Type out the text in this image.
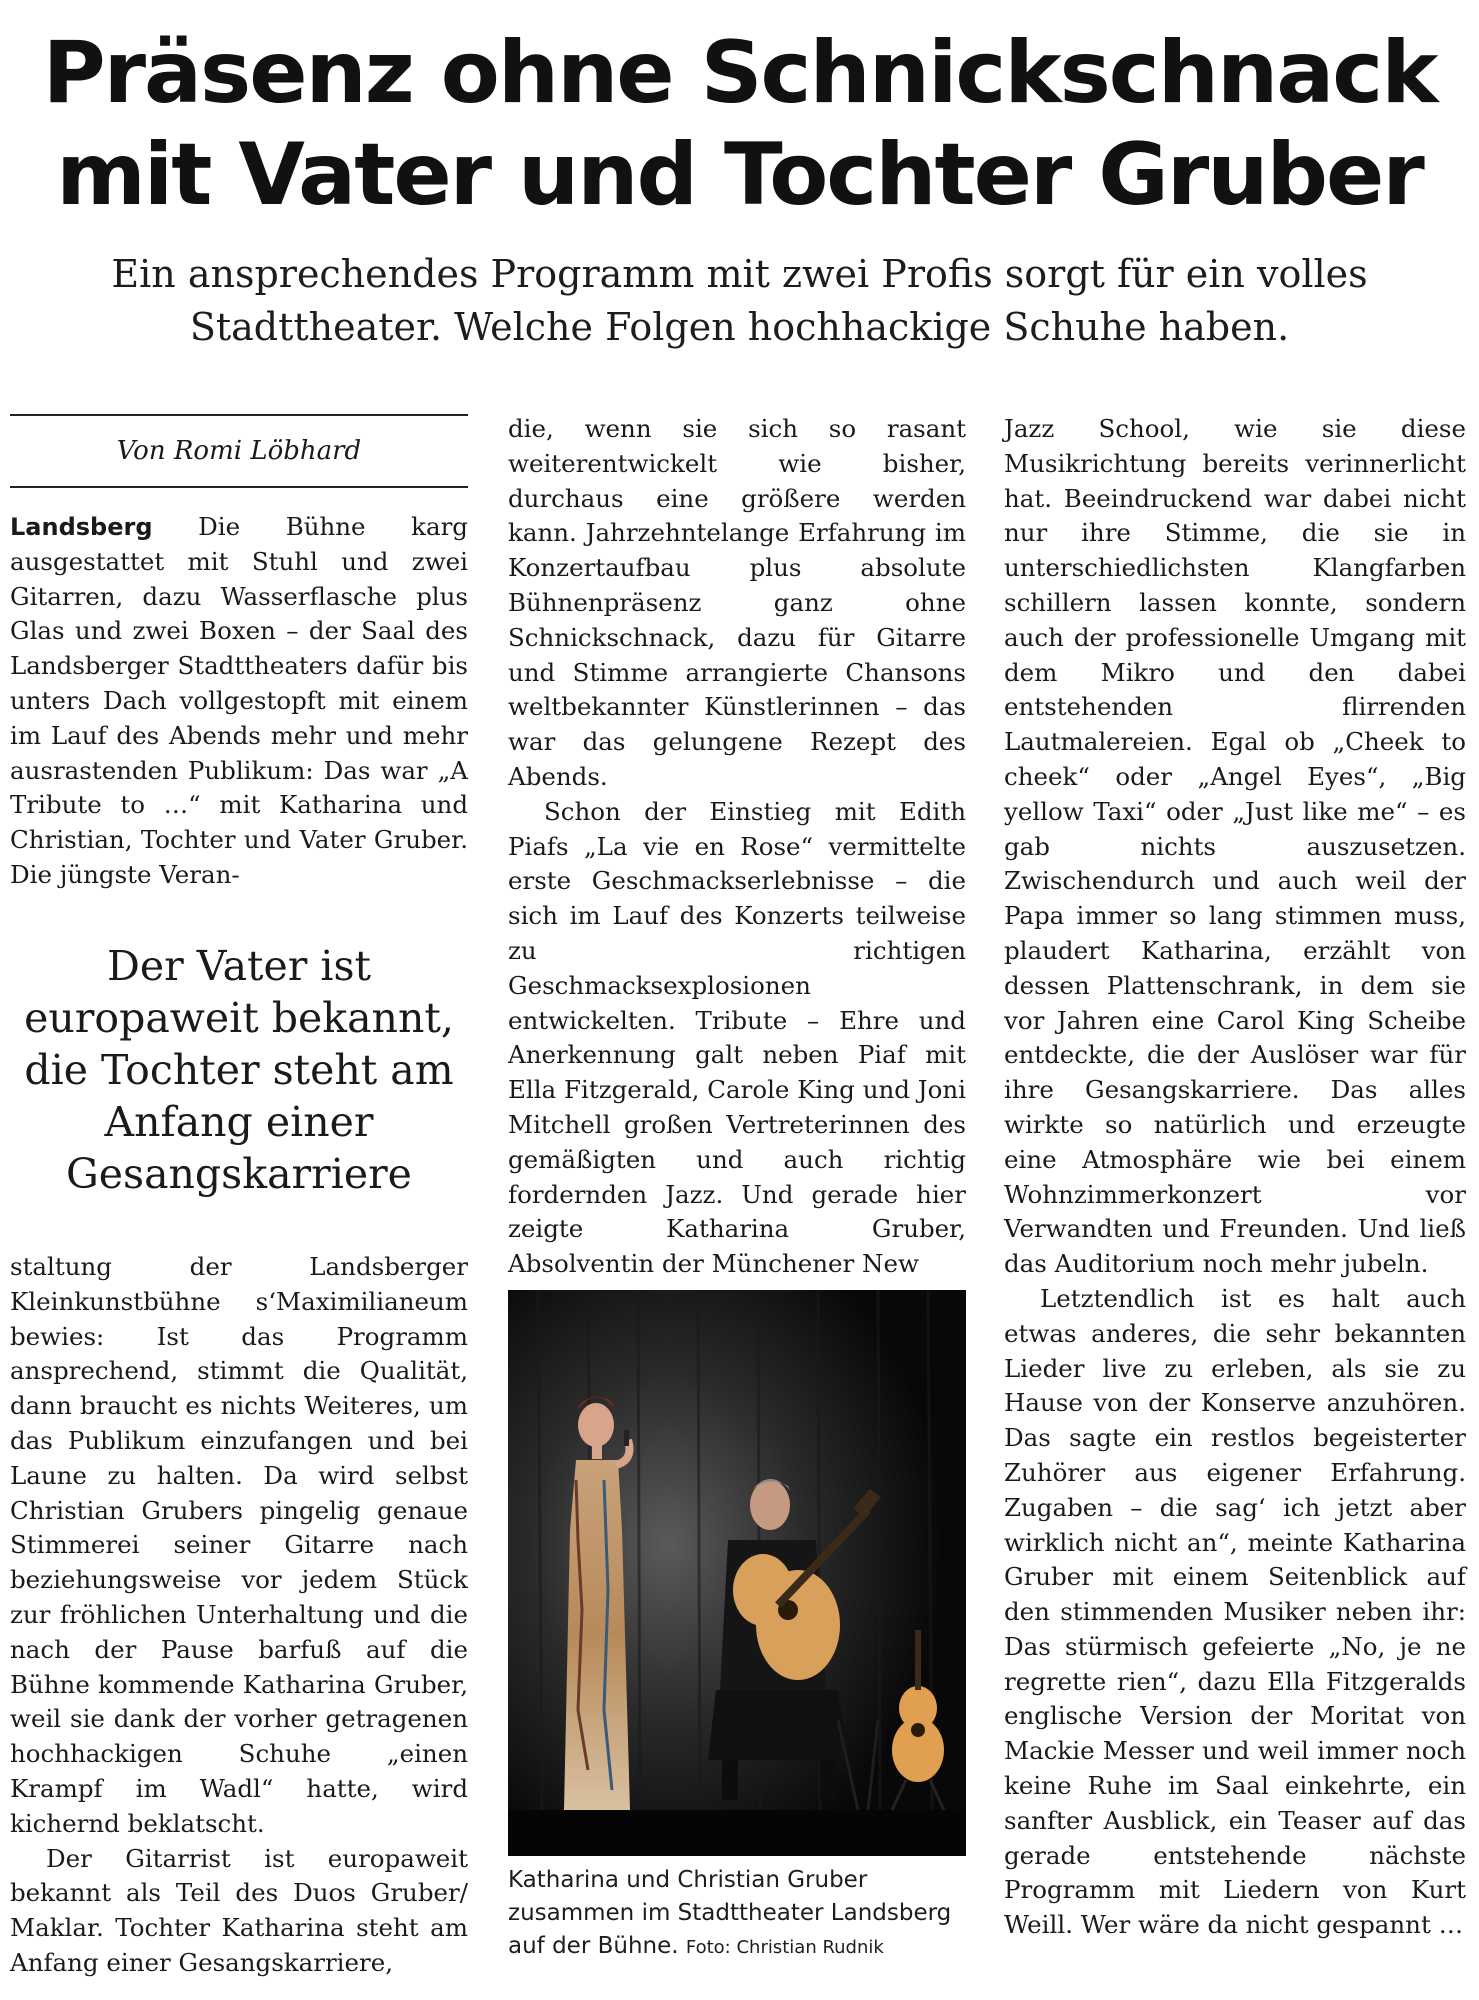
Präsenz ohne Schnickschnack
mit Vater und Tochter Gruber
Ein ansprechendes Programm mit zwei Profis sorgt für ein volles
Stadttheater. Welche Folgen hochhackige Schuhe haben.
Von Romi Löbhard

Landsberg Die Bühne karg ausgestattet mit Stuhl und zwei Gitarren, dazu Wasserflasche plus Glas und zwei Boxen – der Saal des Landsberger Stadttheaters dafür bis unters Dach vollgestopft mit einem im Lauf des Abends mehr und mehr ausrastenden Publikum: Das war „A Tribute to …“ mit Katharina und Christian, Tochter und Vater Gruber. Die jüngste Veran-

Der Vater ist europaweit bekannt, die Tochter steht am Anfang einer Gesangskarriere

staltung der Landsberger Kleinkunstbühne s‘Maximilianeum bewies: Ist das Programm ansprechend, stimmt die Qualität, dann braucht es nichts Weiteres, um das Publikum einzufangen und bei Laune zu halten. Da wird selbst Christian Grubers pingelig genaue Stimmerei seiner Gitarre nach beziehungsweise vor jedem Stück zur fröhlichen Unterhaltung und die nach der Pause barfuß auf die Bühne kommende Katharina Gruber, weil sie dank der vorher getragenen hochhackigen Schuhe „einen Krampf im Wadl“ hatte, wird kichernd beklatscht.

Der Gitarrist ist europaweit bekannt als Teil des Duos Gruber/ Maklar. Tochter Katharina steht am Anfang einer Gesangskarriere,

die, wenn sie sich so rasant weiterentwickelt wie bisher, durchaus eine größere werden kann. Jahrzehntelange Erfahrung im Konzertaufbau plus absolute Bühnenpräsenz ganz ohne Schnickschnack, dazu für Gitarre und Stimme arrangierte Chansons weltbekannter Künstlerinnen – das war das gelungene Rezept des Abends.

Schon der Einstieg mit Edith Piafs „La vie en Rose“ vermittelte erste Geschmackserlebnisse – die sich im Lauf des Konzerts teilweise zu richtigen Geschmacksexplosionen entwickelten. Tribute – Ehre und Anerkennung galt neben Piaf mit Ella Fitzgerald, Carole King und Joni Mitchell großen Vertreterinnen des gemäßigten und auch richtig fordernden Jazz. Und gerade hier zeigte Katharina Gruber, Absolventin der Münchener New

Katharina und Christian Gruber zusammen im Stadttheater Landsberg auf der Bühne. Foto: Christian Rudnik

Jazz School, wie sie diese Musikrichtung bereits verinnerlicht hat. Beeindruckend war dabei nicht nur ihre Stimme, die sie in unterschiedlichsten Klangfarben schillern lassen konnte, sondern auch der professionelle Umgang mit dem Mikro und den dabei entstehenden flirrenden Lautmalereien. Egal ob „Cheek to cheek“ oder „Angel Eyes“, „Big yellow Taxi“ oder „Just like me“ – es gab nichts auszusetzen. Zwischendurch und auch weil der Papa immer so lang stimmen muss, plaudert Katharina, erzählt von dessen Plattenschrank, in dem sie vor Jahren eine Carol King Scheibe entdeckte, die der Auslöser war für ihre Gesangskarriere. Das alles wirkte so natürlich und erzeugte eine Atmosphäre wie bei einem Wohnzimmerkonzert vor Verwandten und Freunden. Und ließ das Auditorium noch mehr jubeln.

Letztendlich ist es halt auch etwas anderes, die sehr bekannten Lieder live zu erleben, als sie zu Hause von der Konserve anzuhören. Das sagte ein restlos begeisterter Zuhörer aus eigener Erfahrung. Zugaben – die sag‘ ich jetzt aber wirklich nicht an“, meinte Katharina Gruber mit einem Seitenblick auf den stimmenden Musiker neben ihr: Das stürmisch gefeierte „No, je ne regrette rien“, dazu Ella Fitzgeralds englische Version der Moritat von Mackie Messer und weil immer noch keine Ruhe im Saal einkehrte, ein sanfter Ausblick, ein Teaser auf das gerade entstehende nächste Programm mit Liedern von Kurt Weill. Wer wäre da nicht gespannt …
